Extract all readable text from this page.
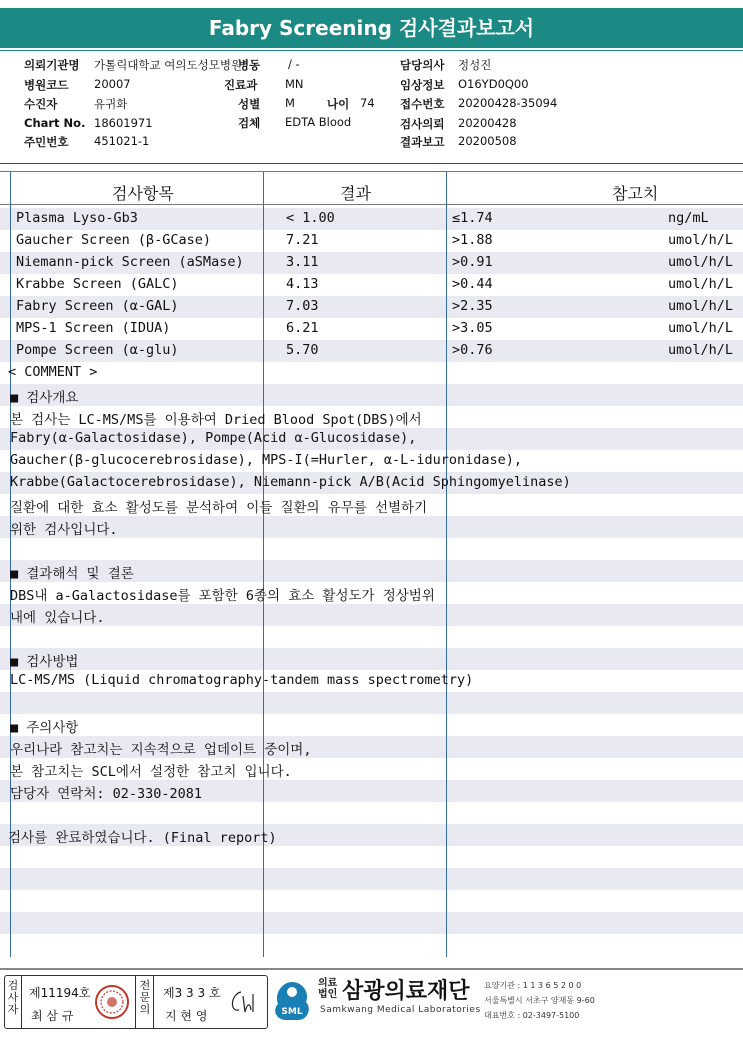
Fabry Screening 검사결과보고서
의뢰기관명 가톨릭대학교 여의도성모병원
병동 / -	담당의사 정성진
병원코드 20007	진료과 MN	임상정보 O16YD0Q00
수진자	유귀화	성별 M	나이 74 접수번호 20200428-35094
Chart No. 18601971	검체 EDTA Blood	검사의뢰 20200428
주민번호 451021-1	결과보고 20200508
검사항목	결과	참고치
Plasma Lyso-Gb3	< 1.00	≤1.74	ng/mL
Gaucher Screen (β-GCase)	7.21	>1.88	umol/h/L
Niemann-pick Screen (aSMase)	3.11	>0.91	umol/h/L
Krabbe Screen (GALC)	4.13	>0.44	umol/h/L
Fabry Screen (α-GAL)	7.03	>2.35	umol/h/L
MPS-1 Screen (IDUA)	6.21	>3.05	umol/h/L
Pompe Screen (α-glu)	5.70	>0.76	umol/h/L
< COMMENT >
■ 검사개요
본 검사는 LC-MS/MS를 이용하여 Dried Blood Spot(DBS)에서
Fabry(α-Galactosidase), Pompe(Acid α-Glucosidase),
Gaucher(β-glucocerebrosidase), MPS-I(=Hurler, α-L-iduronidase),
Krabbe(Galactocerebrosidase), Niemann-pick A/B(Acid Sphingomyelinase)
질환에 대한 효소 활성도를 분석하여 이들 질환의 유무를 선별하기
위한 검사입니다.
■ 결과해석 및 결론
DBS내 a-Galactosidase를 포함한 6종의 효소 활성도가 정상범위
내에 있습니다.
■ 검사방법
LC-MS/MS (Liquid chromatography-tandem mass spectrometry)
■ 주의사항
우리나라 참고치는 지속적으로 업데이트 중이며,
본 참고치는 SCL에서 설정한 참고치 입니다.
담당자 연락처: 02-330-2081
검사를 완료하였습니다. (Final report)
검사자
제11194호
최 삼 규
전문의
제3 3 3 호
지 현 영	SML
의료법인 삼광의료재단
Samkwang Medical Laboratories
요양기관 : 1 1 3 6 5 2 0 0
서울특별시 서초구 양재동 9-60
대표번호 : 02-3497-5100
